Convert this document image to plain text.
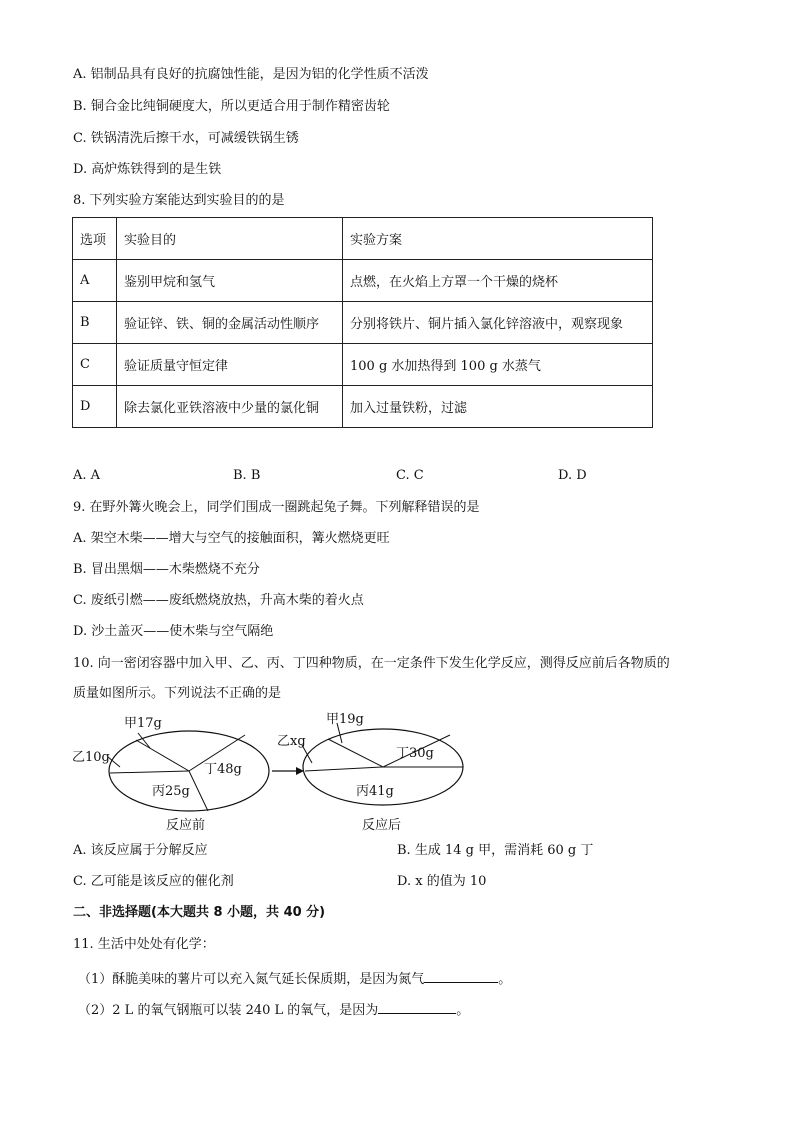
A. 铝制品具有良好的抗腐蚀性能，是因为铝的化学性质不活泼
B. 铜合金比纯铜硬度大，所以更适合用于制作精密齿轮
C. 铁锅清洗后擦干水，可减缓铁锅生锈
D. 高炉炼铁得到的是生铁
8. 下列实验方案能达到实验目的的是
选项	实验目的	实验方案
A	鉴别甲烷和氢气	点燃，在火焰上方罩一个干燥的烧杯
B	验证锌、铁、铜的金属活动性顺序	分别将铁片、铜片插入氯化锌溶液中，观察现象
C	验证质量守恒定律	100 g 水加热得到 100 g 水蒸气
D	除去氯化亚铁溶液中少量的氯化铜	加入过量铁粉，过滤
A. A	B. B	C. C	D. D
9. 在野外篝火晚会上，同学们围成一圈跳起兔子舞。下列解释错误的是
A. 架空木柴——增大与空气的接触面积，篝火燃烧更旺
B. 冒出黑烟——木柴燃烧不充分
C. 废纸引燃——废纸燃烧放热，升高木柴的着火点
D. 沙土盖灭——使木柴与空气隔绝
10. 向一密闭容器中加入甲、乙、丙、丁四种物质，在一定条件下发生化学反应，测得反应前后各物质的
质量如图所示。下列说法不正确的是
甲17g
乙10g
丙25g
丁48g
反应前
甲19g
乙xg
丙41g
丁30g
反应后
A. 该反应属于分解反应	B. 生成 14 g 甲，需消耗 60 g 丁
C. 乙可能是该反应的催化剂	D. x 的值为 10
二、非选择题(本大题共 8 小题，共 40 分)
11. 生活中处处有化学：
（1）酥脆美味的薯片可以充入氮气延长保质期，是因为氮气	。
（2）2 L 的氧气钢瓶可以装 240 L 的氧气，是因为	。
